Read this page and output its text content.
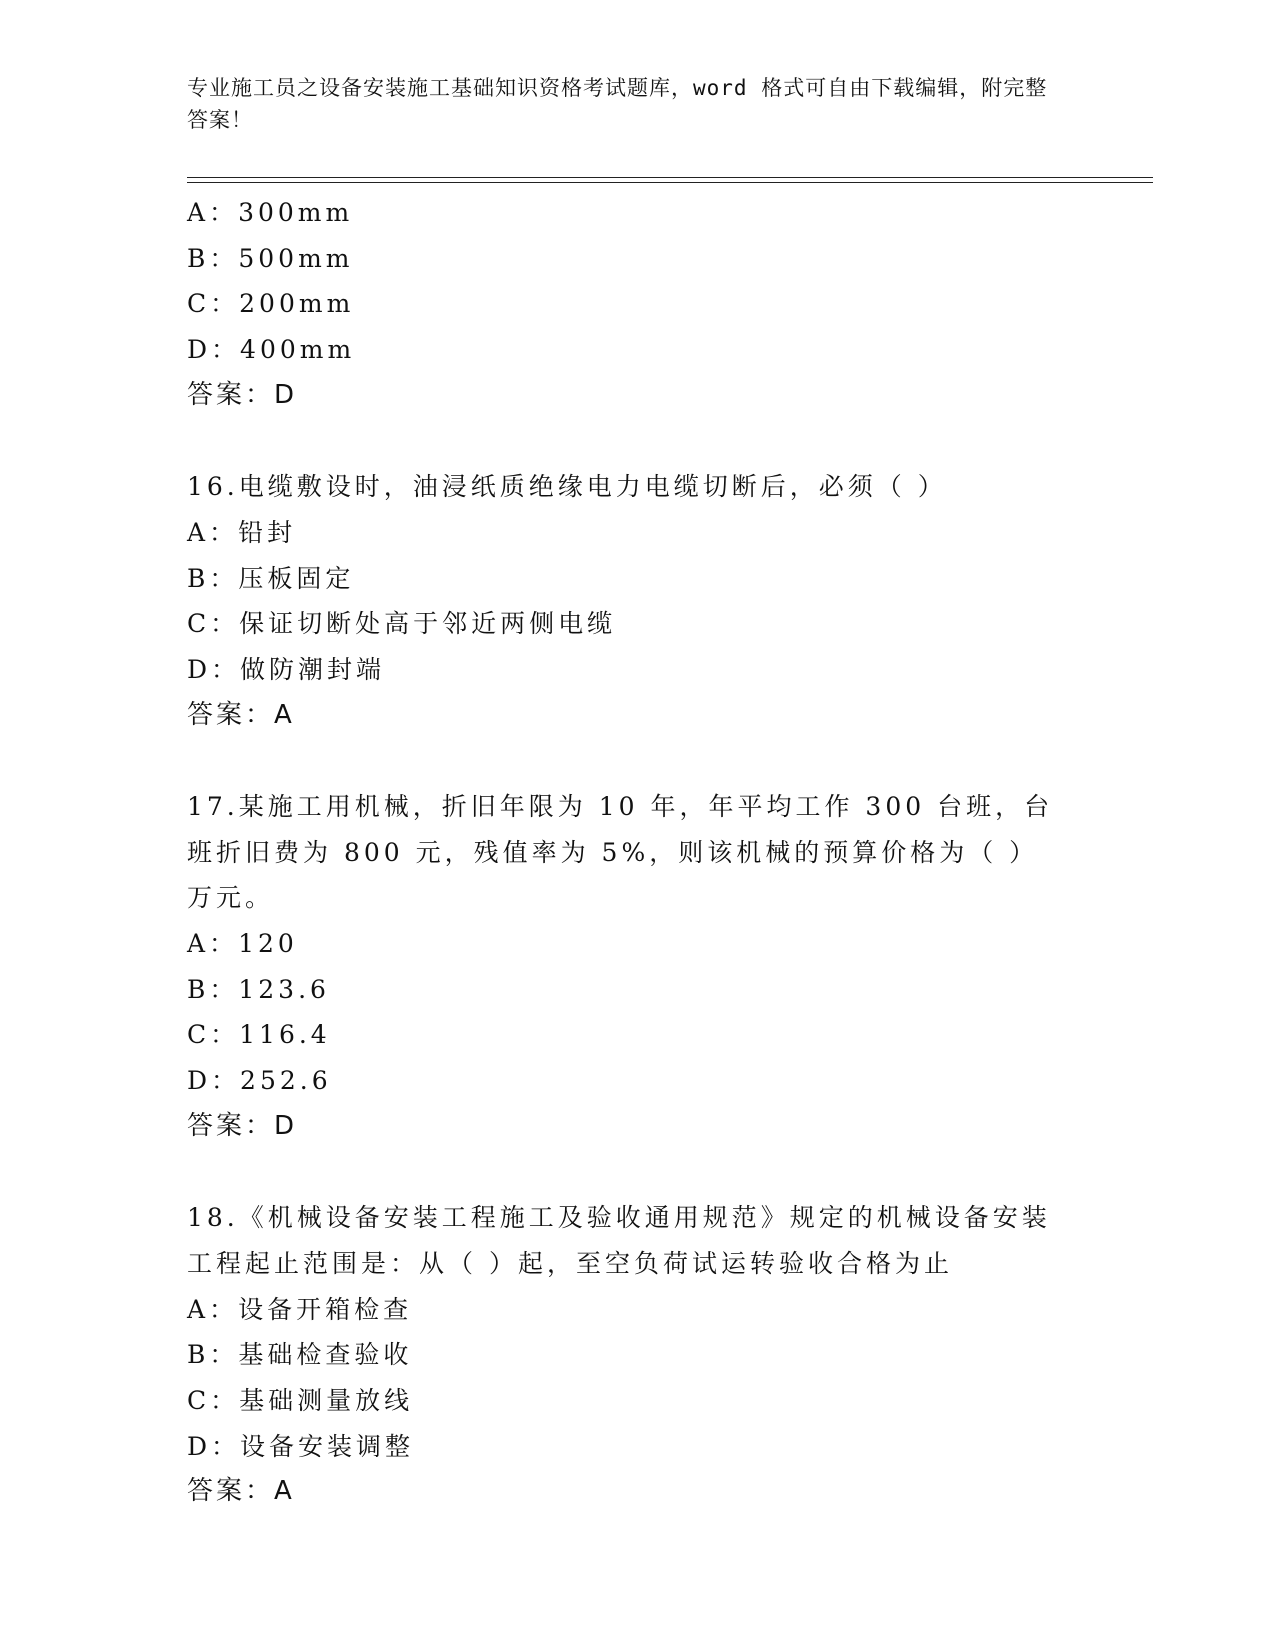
专业施工员之设备安装施工基础知识资格考试题库，word 格式可自由下载编辑，附完整答案！
A：300mm
B：500mm
C：200mm
D：400mm
答案：D
16.电缆敷设时，油浸纸质绝缘电力电缆切断后，必须（ ）
A：铅封
B：压板固定
C：保证切断处高于邻近两侧电缆
D：做防潮封端
答案：A
17.某施工用机械，折旧年限为 10 年，年平均工作 300 台班，台班折旧费为 800 元，残值率为 5%，则该机械的预算价格为（ ）万元。
A：120
B：123.6
C：116.4
D：252.6
答案：D
18.《机械设备安装工程施工及验收通用规范》规定的机械设备安装工程起止范围是：从（ ）起，至空负荷试运转验收合格为止
A：设备开箱检查
B：基础检查验收
C：基础测量放线
D：设备安装调整
答案：A
